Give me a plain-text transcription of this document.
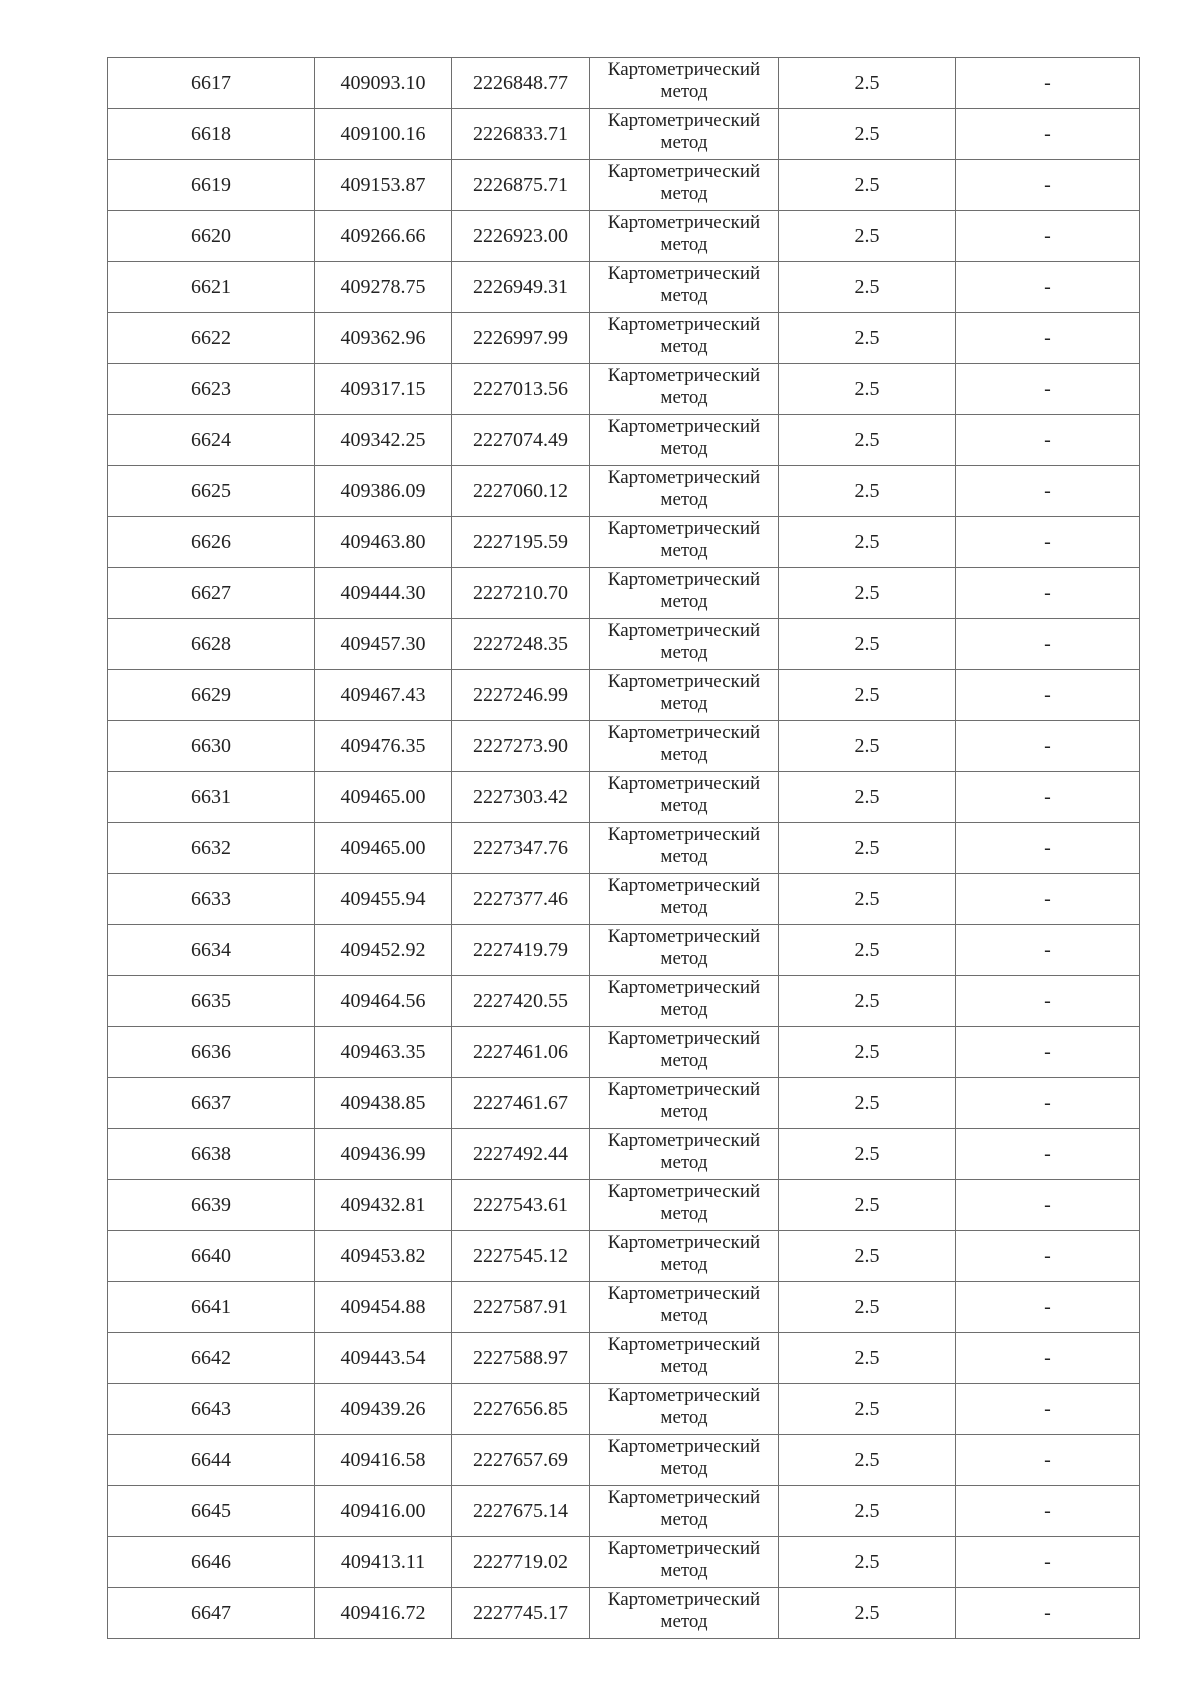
6617	409093.10	2226848.77	Картометрический метод	2.5	-
6618	409100.16	2226833.71	Картометрический метод	2.5	-
6619	409153.87	2226875.71	Картометрический метод	2.5	-
6620	409266.66	2226923.00	Картометрический метод	2.5	-
6621	409278.75	2226949.31	Картометрический метод	2.5	-
6622	409362.96	2226997.99	Картометрический метод	2.5	-
6623	409317.15	2227013.56	Картометрический метод	2.5	-
6624	409342.25	2227074.49	Картометрический метод	2.5	-
6625	409386.09	2227060.12	Картометрический метод	2.5	-
6626	409463.80	2227195.59	Картометрический метод	2.5	-
6627	409444.30	2227210.70	Картометрический метод	2.5	-
6628	409457.30	2227248.35	Картометрический метод	2.5	-
6629	409467.43	2227246.99	Картометрический метод	2.5	-
6630	409476.35	2227273.90	Картометрический метод	2.5	-
6631	409465.00	2227303.42	Картометрический метод	2.5	-
6632	409465.00	2227347.76	Картометрический метод	2.5	-
6633	409455.94	2227377.46	Картометрический метод	2.5	-
6634	409452.92	2227419.79	Картометрический метод	2.5	-
6635	409464.56	2227420.55	Картометрический метод	2.5	-
6636	409463.35	2227461.06	Картометрический метод	2.5	-
6637	409438.85	2227461.67	Картометрический метод	2.5	-
6638	409436.99	2227492.44	Картометрический метод	2.5	-
6639	409432.81	2227543.61	Картометрический метод	2.5	-
6640	409453.82	2227545.12	Картометрический метод	2.5	-
6641	409454.88	2227587.91	Картометрический метод	2.5	-
6642	409443.54	2227588.97	Картометрический метод	2.5	-
6643	409439.26	2227656.85	Картометрический метод	2.5	-
6644	409416.58	2227657.69	Картометрический метод	2.5	-
6645	409416.00	2227675.14	Картометрический метод	2.5	-
6646	409413.11	2227719.02	Картометрический метод	2.5	-
6647	409416.72	2227745.17	Картометрический метод	2.5	-
